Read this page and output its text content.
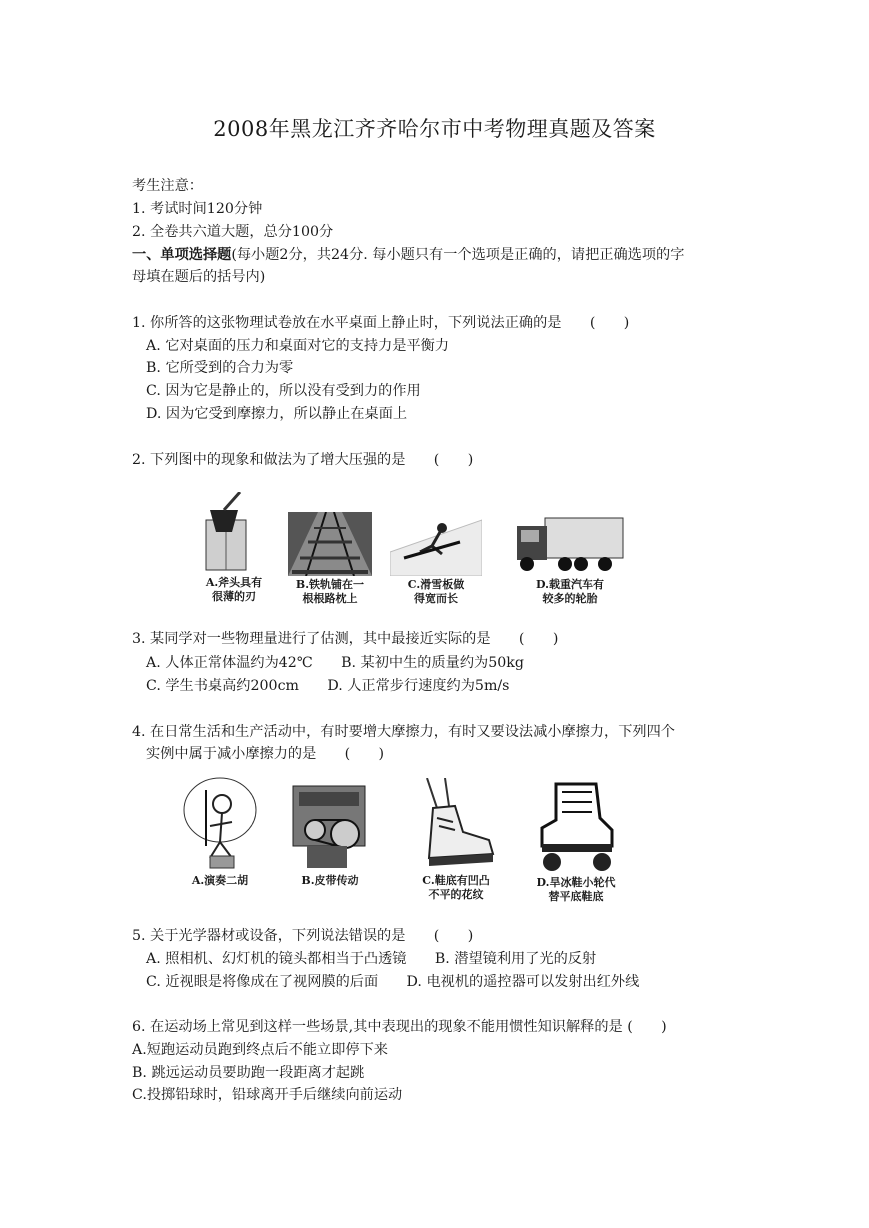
2008年黑龙江齐齐哈尔市中考物理真题及答案
考生注意：
1. 考试时间120分钟
2. 全卷共六道大题，总分100分
一、单项选择题(每小题2分，共24分. 每小题只有一个选项是正确的，请把正确选项的字
母填在题后的括号内)
1. 你所答的这张物理试卷放在水平桌面上静止时，下列说法正确的是　　(　　)
A. 它对桌面的压力和桌面对它的支持力是平衡力
B. 它所受到的合力为零
C. 因为它是静止的，所以没有受到力的作用
D. 因为它受到摩擦力，所以静止在桌面上
2. 下列图中的现象和做法为了增大压强的是　　(　　)
A.斧头具有
很薄的刃
B.铁轨铺在一
根根路枕上
C.滑雪板做
得宽而长
D.载重汽车有
较多的轮胎
3. 某同学对一些物理量进行了估测，其中最接近实际的是　　(　　)
A. 人体正常体温约为42℃　　B. 某初中生的质量约为50kg
C. 学生书桌高约200cm　　D. 人正常步行速度约为5m/s
4. 在日常生活和生产活动中，有时要增大摩擦力，有时又要设法减小摩擦力，下列四个
实例中属于减小摩擦力的是　　(　　)
A.演奏二胡	B.皮带传动	C.鞋底有凹凸
不平的花纹
D.旱冰鞋小轮代
替平底鞋底
5. 关于光学器材或设备，下列说法错误的是　　(　　)
A. 照相机、幻灯机的镜头都相当于凸透镜　　B. 潜望镜利用了光的反射
C. 近视眼是将像成在了视网膜的后面　　D. 电视机的遥控器可以发射出红外线
6. 在运动场上常见到这样一些场景,其中表现出的现象不能用惯性知识解释的是 (　　)
A.短跑运动员跑到终点后不能立即停下来
B. 跳远运动员要助跑一段距离才起跳
C.投掷铅球时，铅球离开手后继续向前运动
